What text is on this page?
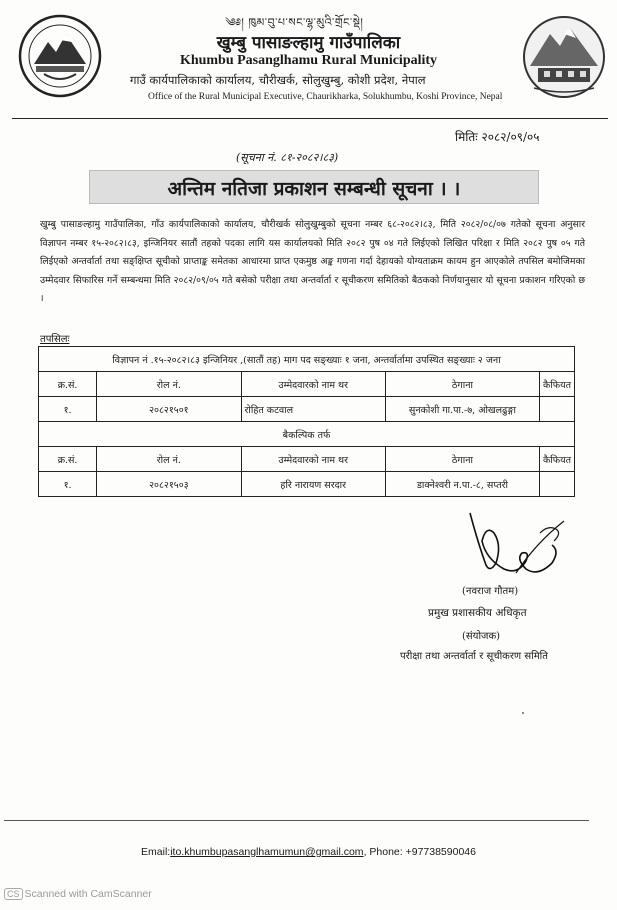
༄༅། ཁུམ་བུ་པ་སང་ལྷ་མུའི་གྲོང་སྡེ།
खुम्बु पासाङल्हामु गाउँपालिका
Khumbu Pasanglhamu Rural Municipality
गाउँ कार्यपालिकाको कार्यालय, चौरीखर्क, सोलुखुम्बु, कोशी प्रदेश, नेपाल
Office of the Rural Municipal Executive, Chaurikharka, Solukhumbu, Koshi Province, Nepal
मितिः २०८२/०९/०५
(सूचना नं. ८१-२०८२।८३)
अन्तिम नतिजा प्रकाशन सम्बन्धी सूचना । ।
खुम्बु पासाङल्हामु गाउँपालिका, गाँउ कार्यपालिकाको कार्यालय, चौरीखर्क सोलुखुम्बुको सूचना नम्बर ६८-२०८२।८३, मिति २०८२/०८/०७ गतेको सूचना अनुसार विज्ञापन नम्बर १५-२०८२।८३, इन्जिनियर सातौं तहको पदका लागि यस कार्यालयको मिति २०८२ पुष ०४ गते लिईएको लिखित परिक्षा र मिति २०८२ पुष ०५ गते लिईएको अन्तर्वार्ता तथा सङ्क्षिप्त सूचीको प्राप्ताङ्क समेतका आधारमा प्राप्त एकमुष्ठ अङ्क गणना गर्दा देहायको योग्यताक्रम कायम हुन आएकोले तपसिल बमोजिमका उम्मेदवार सिफारिस गर्ने सम्बन्धमा मिति २०८२/०९/०५ गते बसेको परीक्षा तथा अन्तर्वार्ता र सूचीकरण समितिको बैठकको निर्णयानुसार यो सूचना प्रकाशन गरिएको छ ।
तपसिलः
विज्ञापन नं .१५-२०८२।८३ इन्जिनियर ,(सातौं तह) माग पद सङ्ख्याः १ जना, अन्तर्वार्तामा उपस्थित सङ्ख्याः २ जना				
क्र.सं.	रोल नं.	उम्मेदवारको नाम थर	ठेगाना	कैफियत
१.	२०८२१५०१	रोहित कटवाल	सुनकोशी गा.पा.-७, ओखलढुङ्गा	
बैकल्पिक तर्फ				
क्र.सं.	रोल नं.	उम्मेदवारको नाम थर	ठेगाना	कैफियत
१.	२०८२१५०३	हरि नारायण सरदार	डाक्नेश्वरी न.पा.-८, सप्तरी	
(नवराज गौतम)
प्रमुख प्रशासकीय अधिकृत
(संयोजक)
परीक्षा तथा अन्तर्वार्ता र सूचीकरण समिति
Email:ito.khumbupasanglhamumun@gmail.com, Phone: +97738590046
CS Scanned with CamScanner
